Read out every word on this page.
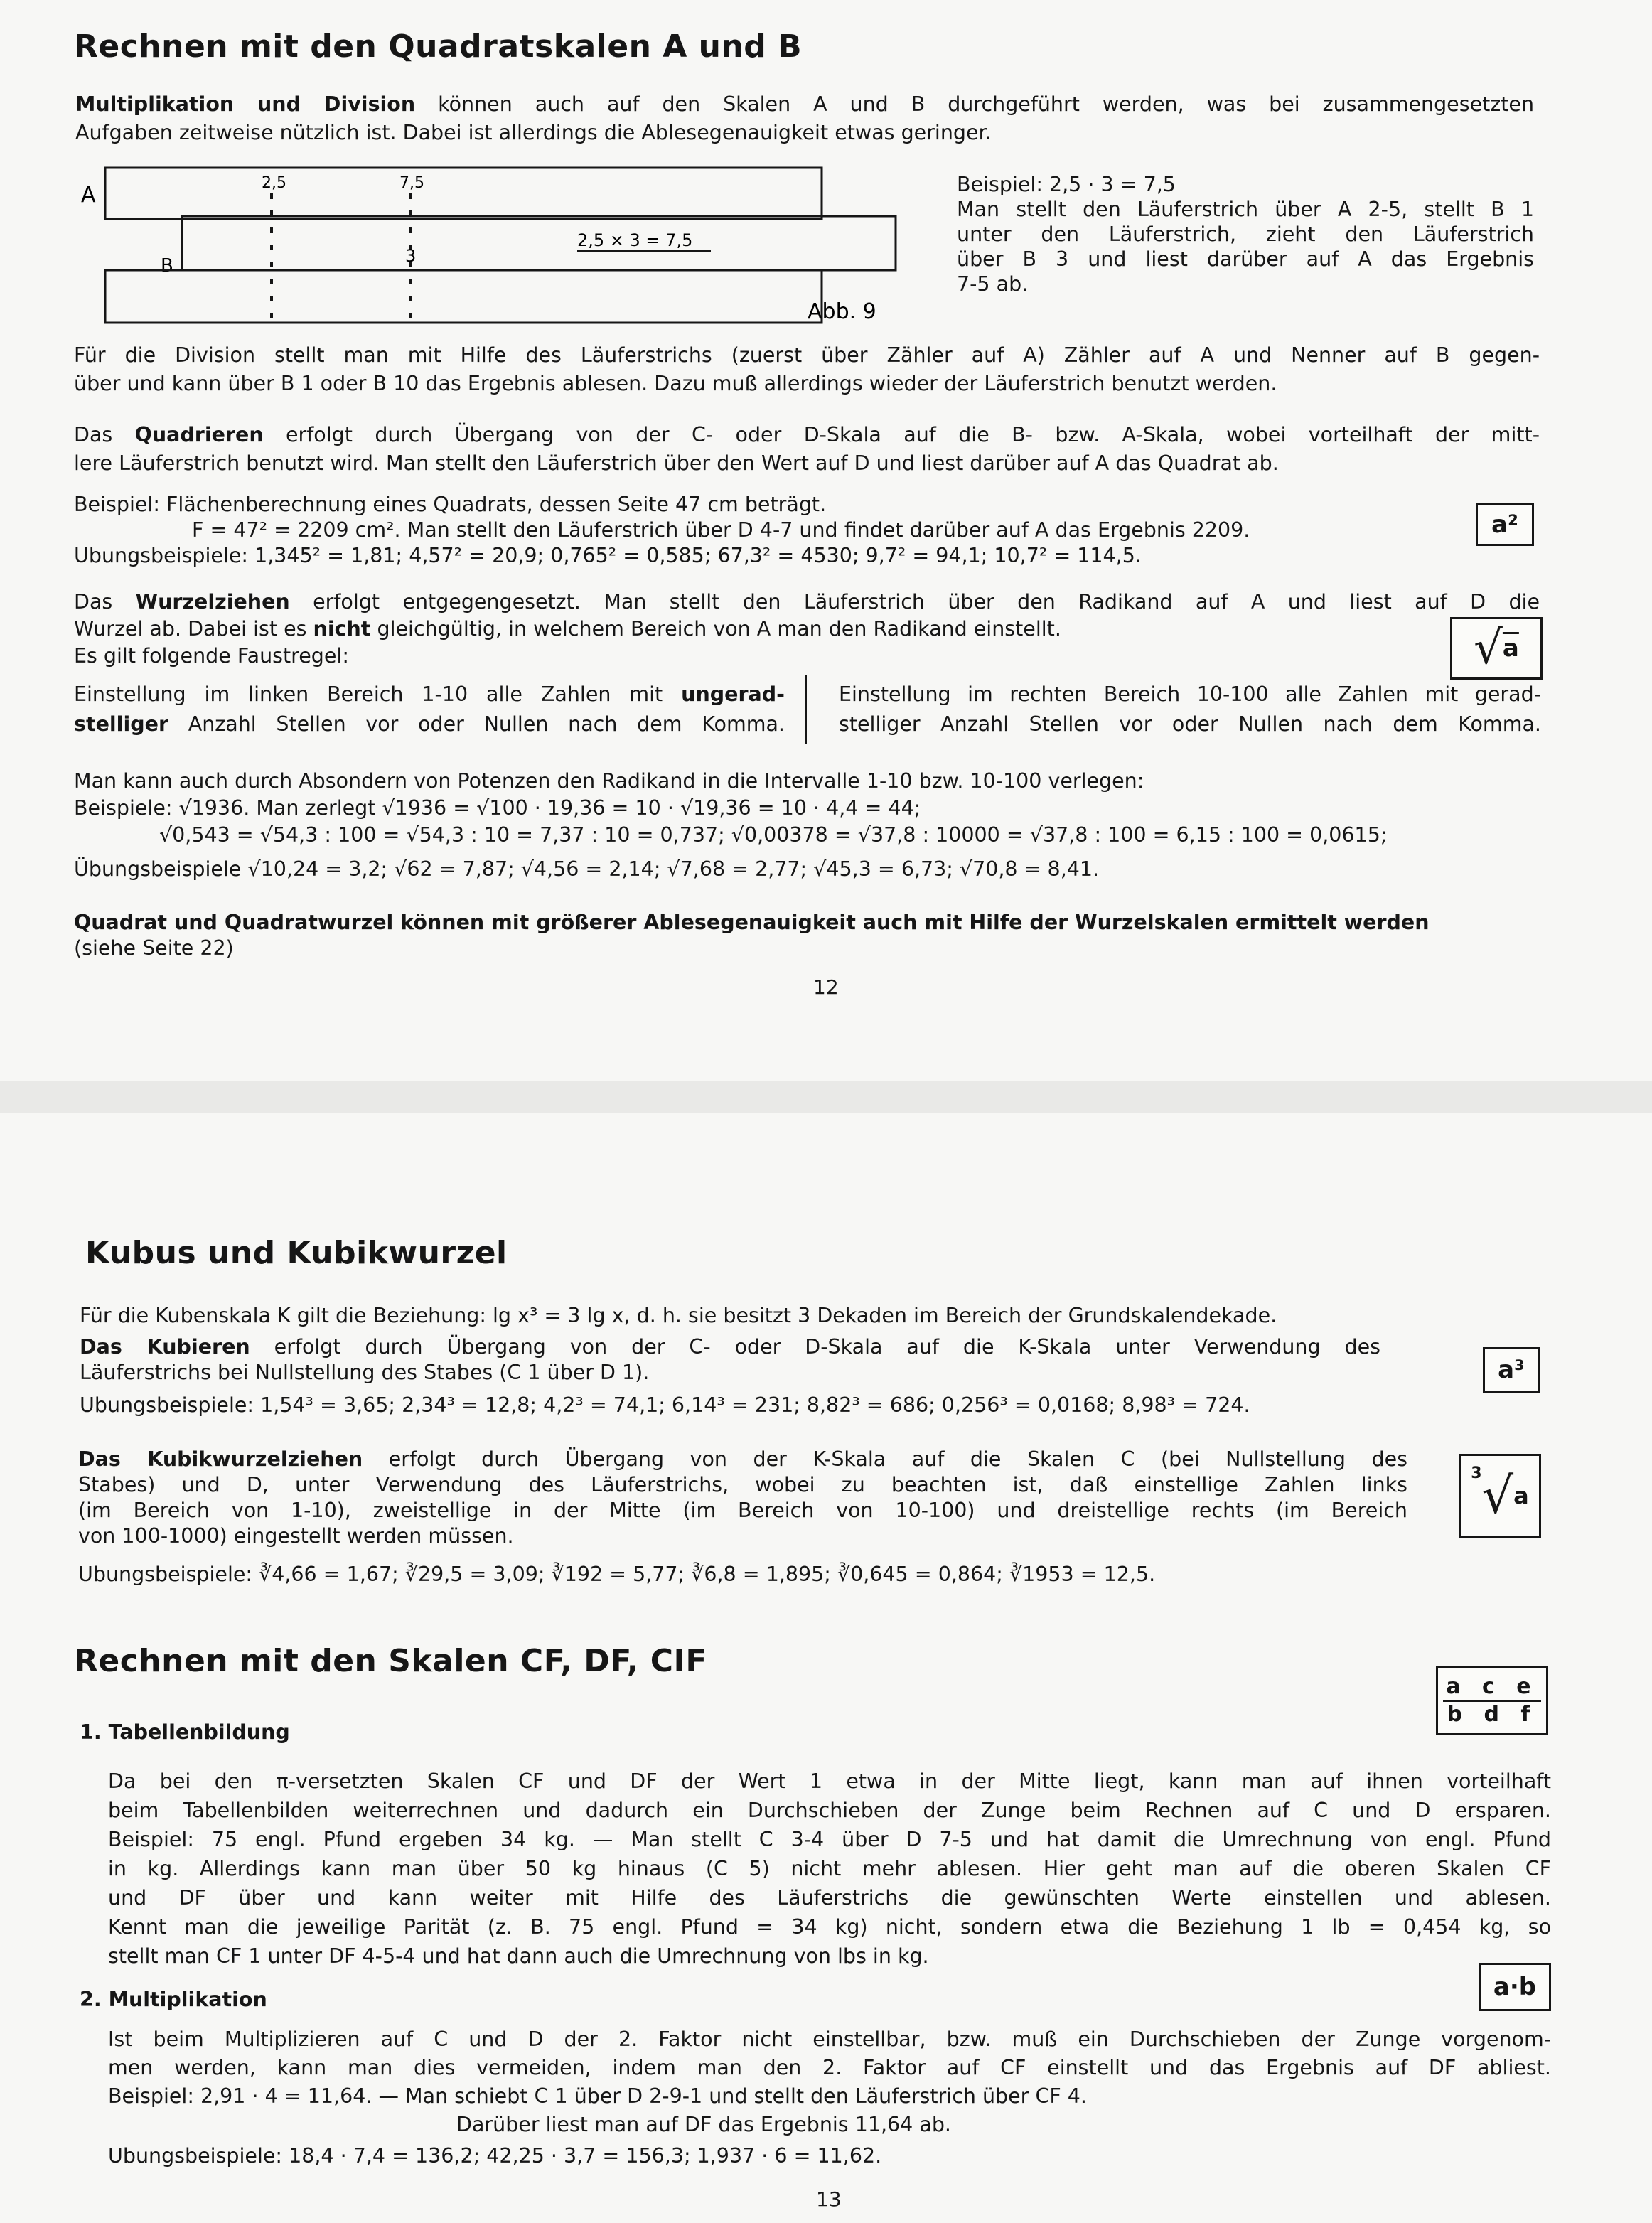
Rechnen mit den Quadratskalen A und B
Multiplikation und Division können auch auf den Skalen A und B durchgeführt werden, was bei zusammengesetzten
Aufgaben zeitweise nützlich ist. Dabei ist allerdings die Ablesegenauigkeit etwas geringer.
A
B
2,5	7,5
3
2,5 × 3 = 7,5
Abb. 9
Beispiel: 2,5 · 3 = 7,5
Man stellt den Läuferstrich über A 2-5, stellt B 1
unter den Läuferstrich, zieht den Läuferstrich
über B 3 und liest darüber auf A das Ergebnis
7-5 ab.
Für die Division stellt man mit Hilfe des Läuferstrichs (zuerst über Zähler auf A) Zähler auf A und Nenner auf B gegen-
über und kann über B 1 oder B 10 das Ergebnis ablesen. Dazu muß allerdings wieder der Läuferstrich benutzt werden.
Das Quadrieren erfolgt durch Übergang von der C- oder D-Skala auf die B- bzw. A-Skala, wobei vorteilhaft der mitt-
lere Läuferstrich benutzt wird. Man stellt den Läuferstrich über den Wert auf D und liest darüber auf A das Quadrat ab.
Beispiel: Flächenberechnung eines Quadrats, dessen Seite 47 cm beträgt.
F = 47² = 2209 cm². Man stellt den Läuferstrich über D 4-7 und findet darüber auf A das Ergebnis 2209.
Ubungsbeispiele: 1,345² = 1,81; 4,57² = 20,9; 0,765² = 0,585; 67,3² = 4530; 9,7² = 94,1; 10,7² = 114,5.
a²
Das Wurzelziehen erfolgt entgegengesetzt. Man stellt den Läuferstrich über den Radikand auf A und liest auf D die
Wurzel ab. Dabei ist es nicht gleichgültig, in welchem Bereich von A man den Radikand einstellt.
Es gilt folgende Faustregel:	√ a
Einstellung im linken Bereich 1-10 alle Zahlen mit ungerad-
stelliger Anzahl Stellen vor oder Nullen nach dem Komma.
Einstellung im rechten Bereich 10-100 alle Zahlen mit gerad-
stelliger Anzahl Stellen vor oder Nullen nach dem Komma.
Man kann auch durch Absondern von Potenzen den Radikand in die Intervalle 1-10 bzw. 10-100 verlegen:
Beispiele: √1936. Man zerlegt √1936 = √100 · 19,36 = 10 · √19,36 = 10 · 4,4 = 44;
√0,543 = √54,3 : 100 = √54,3 : 10 = 7,37 : 10 = 0,737; √0,00378 = √37,8 : 10000 = √37,8 : 100 = 6,15 : 100 = 0,0615;
Übungsbeispiele √10,24 = 3,2; √62 = 7,87; √4,56 = 2,14; √7,68 = 2,77; √45,3 = 6,73; √70,8 = 8,41.
Quadrat und Quadratwurzel können mit größerer Ablesegenauigkeit auch mit Hilfe der Wurzelskalen ermittelt werden
(siehe Seite 22)
12
Kubus und Kubikwurzel
Für die Kubenskala K gilt die Beziehung: lg x³ = 3 lg x, d. h. sie besitzt 3 Dekaden im Bereich der Grundskalendekade.
Das Kubieren erfolgt durch Übergang von der C- oder D-Skala auf die K-Skala unter Verwendung des
Läuferstrichs bei Nullstellung des Stabes (C 1 über D 1).
Ubungsbeispiele: 1,54³ = 3,65; 2,34³ = 12,8; 4,2³ = 74,1; 6,14³ = 231; 8,82³ = 686; 0,256³ = 0,0168; 8,98³ = 724.
a³
Das Kubikwurzelziehen erfolgt durch Übergang von der K-Skala auf die Skalen C (bei Nullstellung des
Stabes) und D, unter Verwendung des Läuferstrichs, wobei zu beachten ist, daß einstellige Zahlen links
(im Bereich von 1-10), zweistellige in der Mitte (im Bereich von 10-100) und dreistellige rechts (im Bereich
von 100-1000) eingestellt werden müssen.
Ubungsbeispiele: ∛4,66 = 1,67; ∛29,5 = 3,09; ∛192 = 5,77; ∛6,8 = 1,895; ∛0,645 = 0,864; ∛1953 = 12,5.
3 √ a
Rechnen mit den Skalen CF, DF, CIF
a c e
b d f
1. Tabellenbildung
Da bei den π-versetzten Skalen CF und DF der Wert 1 etwa in der Mitte liegt, kann man auf ihnen vorteilhaft
beim Tabellenbilden weiterrechnen und dadurch ein Durchschieben der Zunge beim Rechnen auf C und D ersparen.
Beispiel: 75 engl. Pfund ergeben 34 kg. — Man stellt C 3-4 über D 7-5 und hat damit die Umrechnung von engl. Pfund
in kg. Allerdings kann man über 50 kg hinaus (C 5) nicht mehr ablesen. Hier geht man auf die oberen Skalen CF
und DF über und kann weiter mit Hilfe des Läuferstrichs die gewünschten Werte einstellen und ablesen.
Kennt man die jeweilige Parität (z. B. 75 engl. Pfund = 34 kg) nicht, sondern etwa die Beziehung 1 lb = 0,454 kg, so
stellt man CF 1 unter DF 4-5-4 und hat dann auch die Umrechnung von lbs in kg.
a·b
2. Multiplikation
Ist beim Multiplizieren auf C und D der 2. Faktor nicht einstellbar, bzw. muß ein Durchschieben der Zunge vorgenom-
men werden, kann man dies vermeiden, indem man den 2. Faktor auf CF einstellt und das Ergebnis auf DF abliest.
Beispiel: 2,91 · 4 = 11,64. — Man schiebt C 1 über D 2-9-1 und stellt den Läuferstrich über CF 4.
Darüber liest man auf DF das Ergebnis 11,64 ab.
Ubungsbeispiele: 18,4 · 7,4 = 136,2; 42,25 · 3,7 = 156,3; 1,937 · 6 = 11,62.
13
